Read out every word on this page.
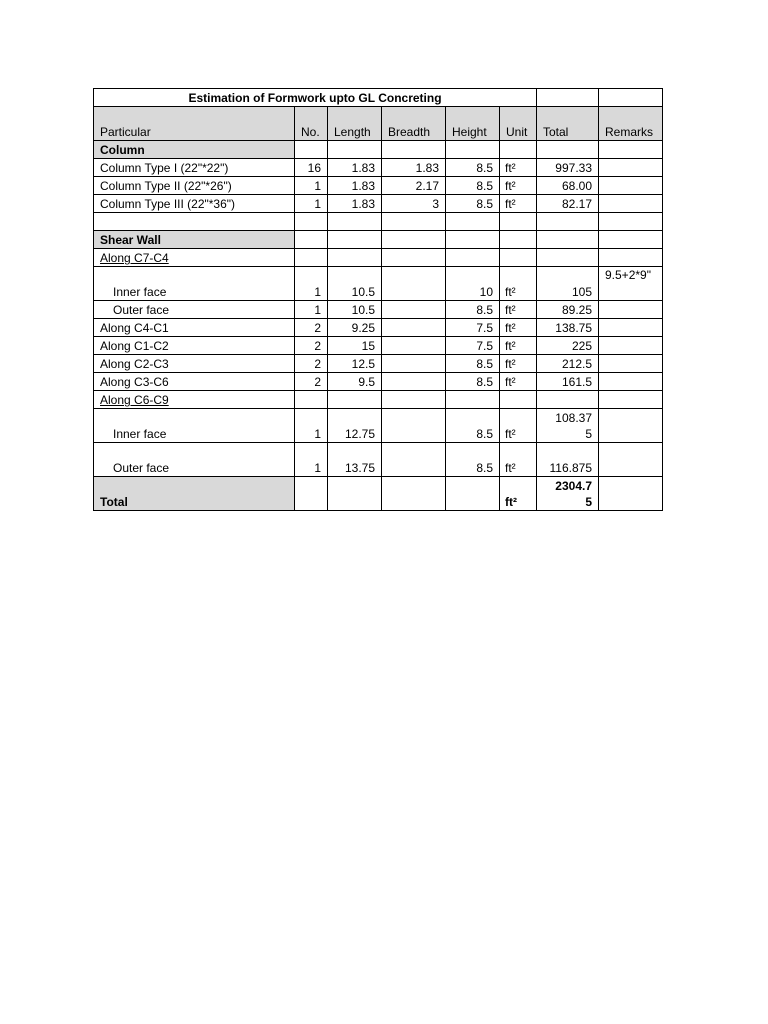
Estimation of Formwork upto GL Concreting							
Particular	No.	Length	Breadth	Height	Unit	Total	Remarks
Column							
Column Type I (22"*22")	16	1.83	1.83	8.5	ft²	997.33	
Column Type II (22"*26")	1	1.83	2.17	8.5	ft²	68.00	
Column Type III (22"*36")	1	1.83	3	8.5	ft²	82.17	

Shear Wall							
Along C7-C4							
Inner face	1	10.5		10	ft²	105	9.5+2*9"
Outer face	1	10.5		8.5	ft²	89.25	
Along C4-C1	2	9.25		7.5	ft²	138.75	
Along C1-C2	2	15		7.5	ft²	225	
Along C2-C3	2	12.5		8.5	ft²	212.5	
Along C3-C6	2	9.5		8.5	ft²	161.5	
Along C6-C9							
Inner face	1	12.75		8.5	ft²	108.375	
Outer face	1	13.75		8.5	ft²	116.875	
Total					ft²	2304.75	
